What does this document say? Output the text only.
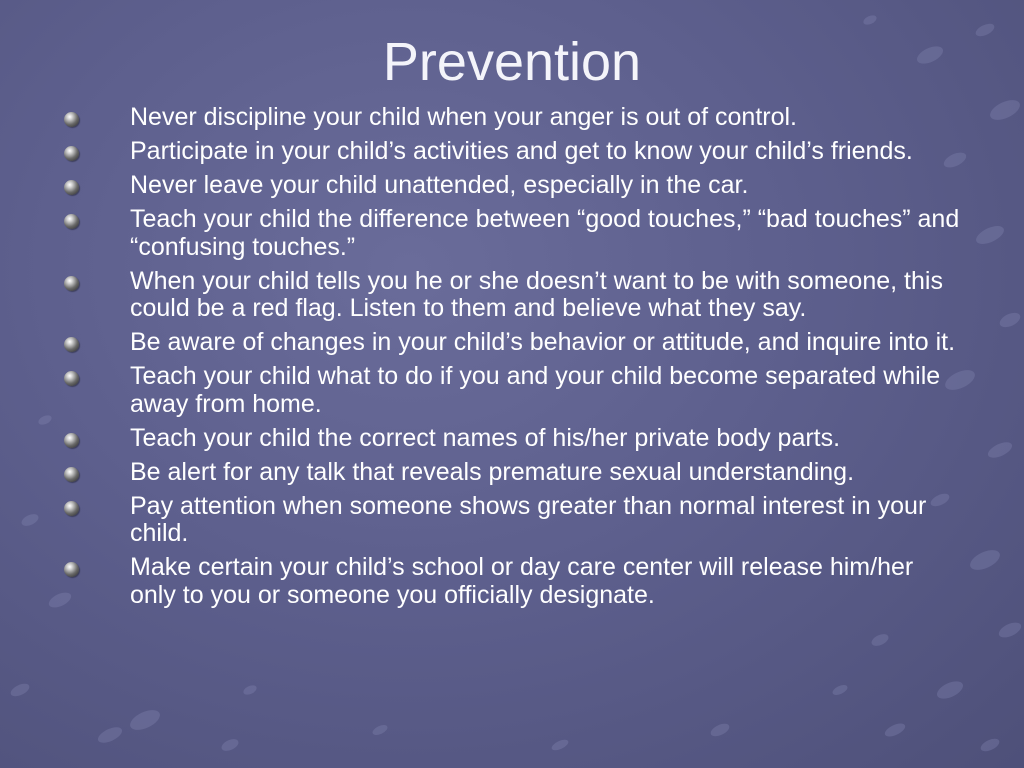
Prevention
Never discipline your child when your anger is out of control.
Participate in your child’s activities and get to know your child’s friends.
Never leave your child unattended, especially in the car.
Teach your child the difference between “good touches,” “bad touches” and “confusing touches.”
When your child tells you he or she doesn’t want to be with someone, this could be a red flag. Listen to them and believe what they say.
Be aware of changes in your child’s behavior or attitude, and inquire into it.
Teach your child what to do if you and your child become separated while away from home.
Teach your child the correct names of his/her private body parts.
Be alert for any talk that reveals premature sexual understanding.
Pay attention when someone shows greater than normal interest in your child.
Make certain your child’s school or day care center will release him/her only to you or someone you officially designate.
